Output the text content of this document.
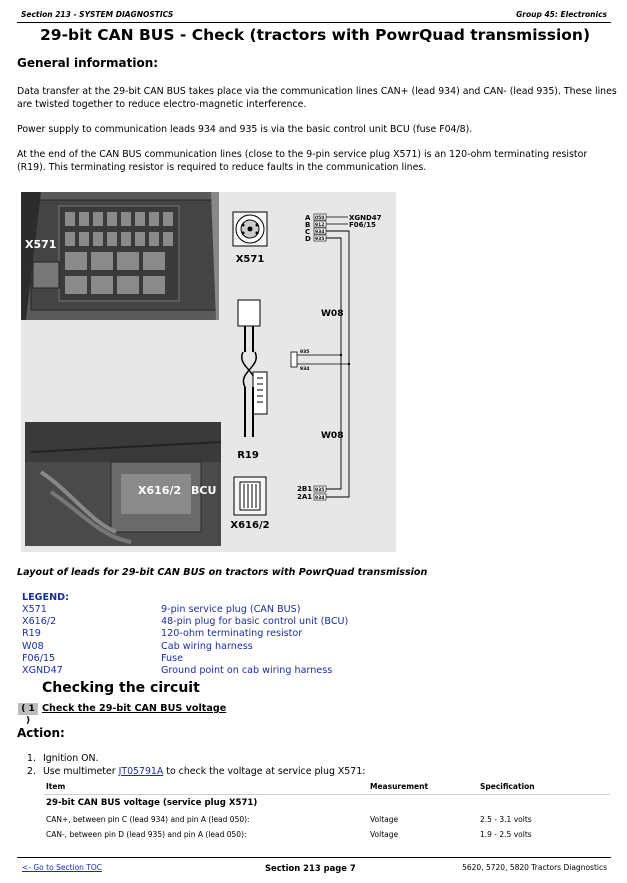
Section 213 - SYSTEM DIAGNOSTICS	Group 45: Electronics
29-bit CAN BUS - Check (tractors with PowrQuad transmission)
General information:
Data transfer at the 29-bit CAN BUS takes place via the communication lines CAN+ (lead 934) and CAN- (lead 935). These lines are twisted together to reduce electro-magnetic interference.
Power supply to communication leads 934 and 935 is via the basic control unit BCU (fuse F04/8).
At the end of the CAN BUS communication lines (close to the 9-pin service plug X571) is an 120-ohm terminating resistor (R19). This terminating resistor is required to reduce faults in the communication lines.
X571
X616/2 BCU
X571
R19
X616/2
A
B
C
D
050
912
934
935
XGND47
F06/15
W08
W08
935
934
2B1
2A1
935
934
Layout of leads for 29-bit CAN BUS on tractors with PowrQuad transmission
LEGEND:
X571	9-pin service plug (CAN BUS)
X616/2	48-pin plug for basic control unit (BCU)
R19	120-ohm terminating resistor
W08	Cab wiring harness
F06/15	Fuse
XGND47	Ground point on cab wiring harness
Checking the circuit
( 1 )
Check the 29-bit CAN BUS voltage
Action:
1. Ignition ON.
2. Use multimeter JT05791A to check the voltage at service plug X571:
Item	Measurement	Specification
29-bit CAN BUS voltage (service plug X571)
CAN+, between pin C (lead 934) and pin A (lead 050):	Voltage	2.5 - 3.1 volts
CAN-, between pin D (lead 935) and pin A (lead 050):	Voltage	1.9 - 2.5 volts
<- Go to Section TOC	Section 213 page 7	5620, 5720, 5820 Tractors Diagnostics
